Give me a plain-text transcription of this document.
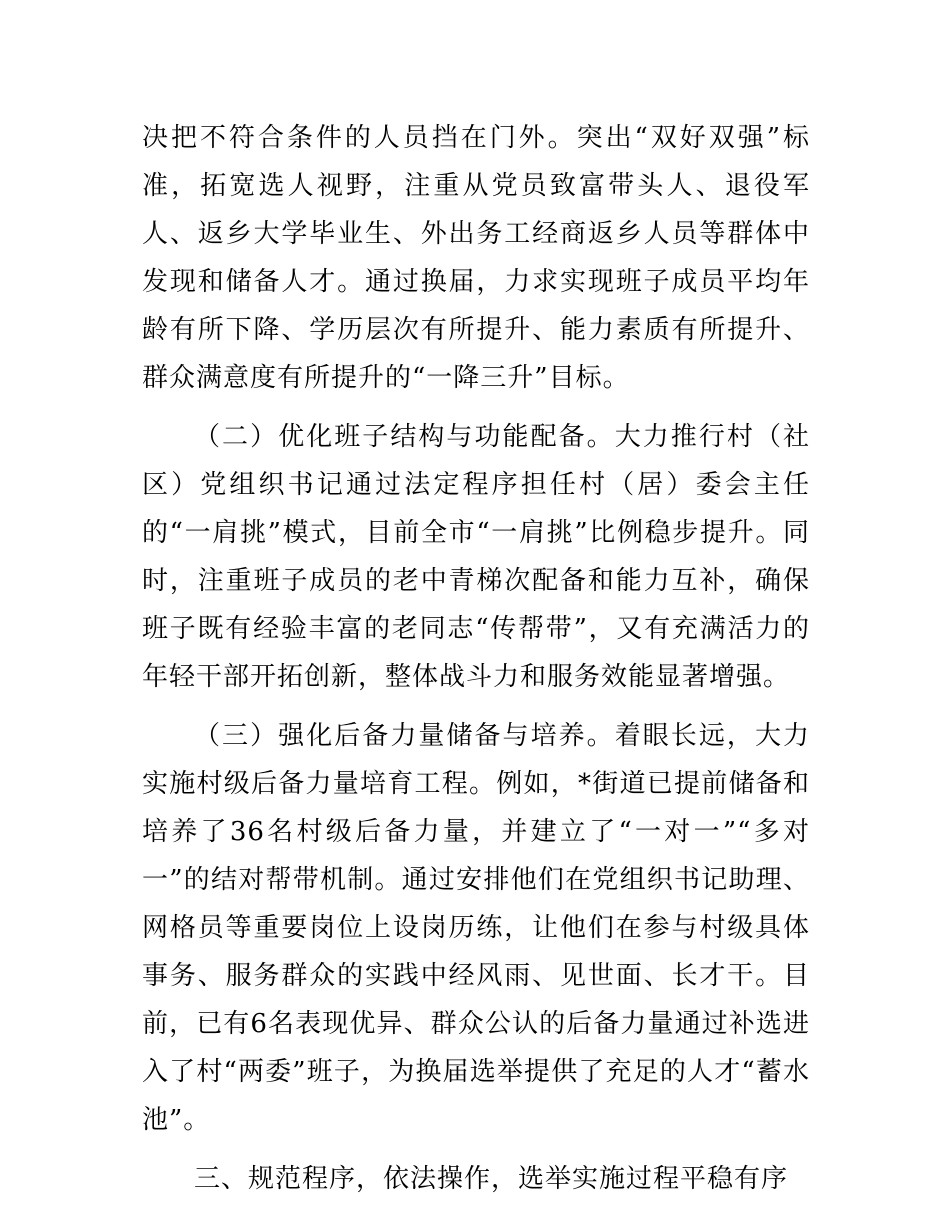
决把不符合条件的人员挡在门外。突出“双好双强”标准，拓宽选人视野，注重从党员致富带头人、退役军人、返乡大学毕业生、外出务工经商返乡人员等群体中发现和储备人才。通过换届，力求实现班子成员平均年龄有所下降、学历层次有所提升、能力素质有所提升、群众满意度有所提升的“一降三升”目标。

（二）优化班子结构与功能配备。大力推行村（社区）党组织书记通过法定程序担任村（居）委会主任的“一肩挑”模式，目前全市“一肩挑”比例稳步提升。同时，注重班子成员的老中青梯次配备和能力互补，确保班子既有经验丰富的老同志“传帮带”，又有充满活力的年轻干部开拓创新，整体战斗力和服务效能显著增强。

（三）强化后备力量储备与培养。着眼长远，大力实施村级后备力量培育工程。例如，*街道已提前储备和培养了36名村级后备力量，并建立了“一对一”“多对一”的结对帮带机制。通过安排他们在党组织书记助理、网格员等重要岗位上设岗历练，让他们在参与村级具体事务、服务群众的实践中经风雨、见世面、长才干。目前，已有6名表现优异、群众公认的后备力量通过补选进入了村“两委”班子，为换届选举提供了充足的人才“蓄水池”。

三、规范程序，依法操作，选举实施过程平稳有序
